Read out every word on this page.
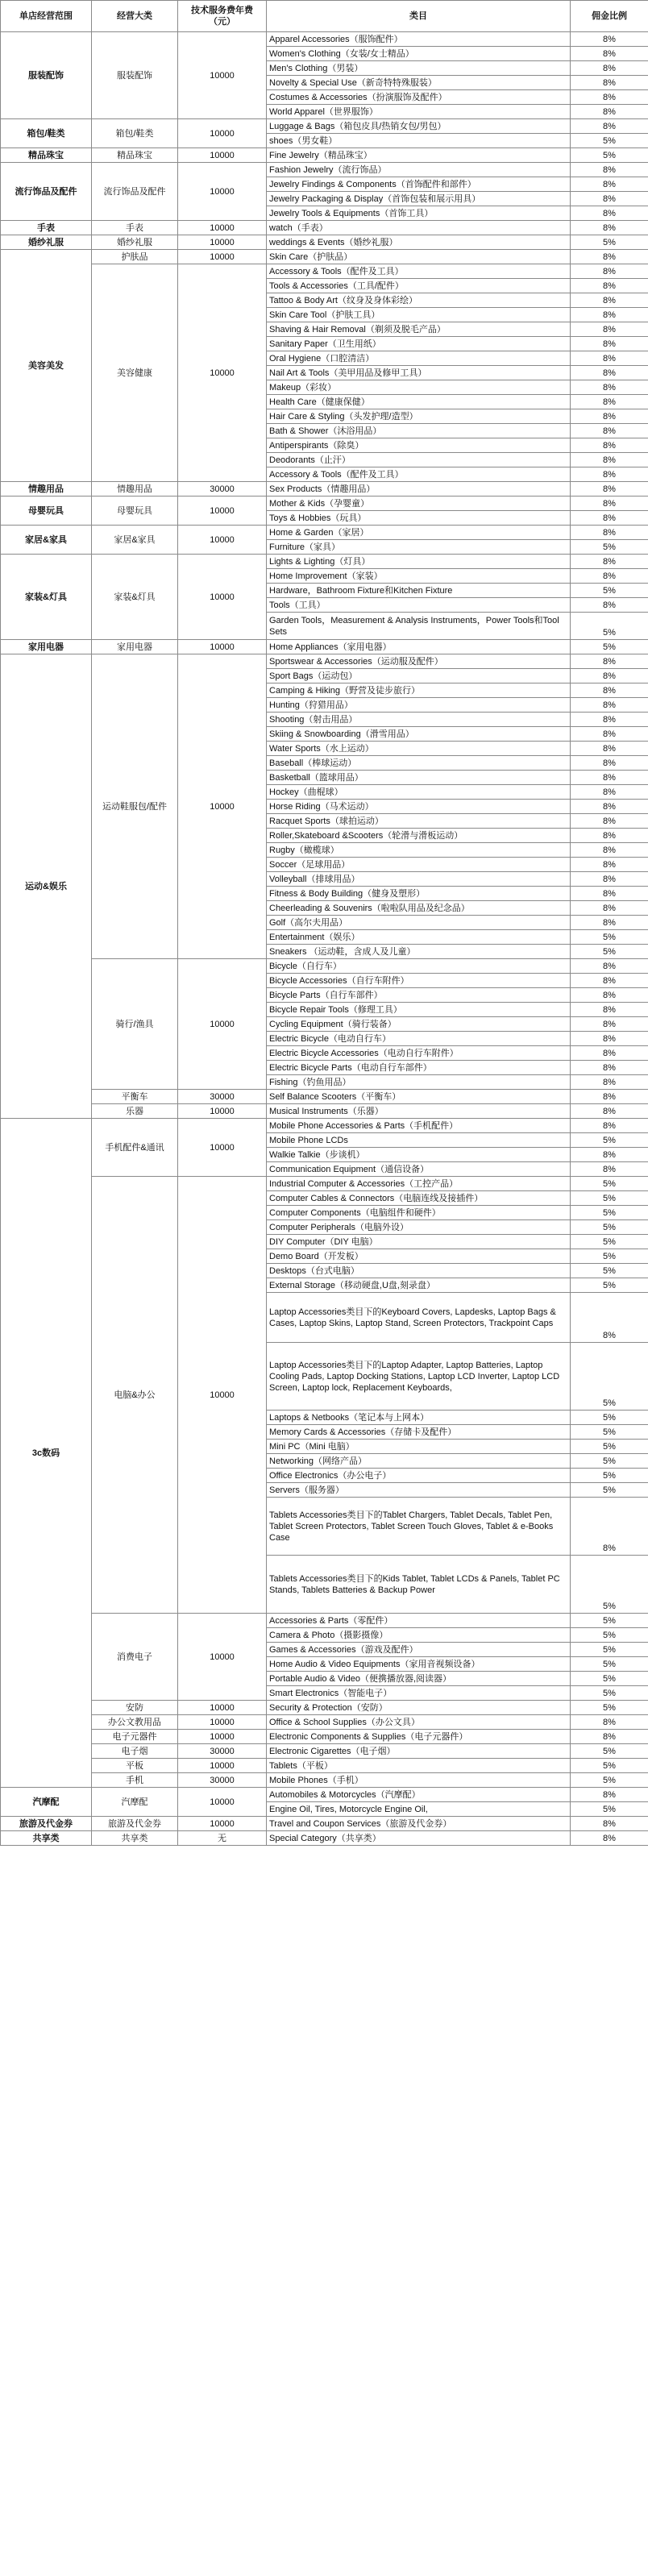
单店经营范围	经营大类	技术服务费年费（元）	类目	佣金比例
服装配饰	服装配饰	10000	Apparel Accessories（服饰配件）	8%
			Women's Clothing（女装/女士精品）	8%
			Men's Clothing（男装）	8%
			Novelty & Special Use（新奇特特殊服装）	8%
			Costumes & Accessories（扮演服饰及配件）	8%
			World Apparel（世界服饰）	8%
箱包/鞋类	箱包/鞋类	10000	Luggage & Bags（箱包皮具/热销女包/男包）	8%
			shoes（男女鞋）	5%
精品珠宝	精品珠宝	10000	Fine Jewelry（精品珠宝）	5%
流行饰品及配件	流行饰品及配件	10000	Fashion Jewelry（流行饰品）	8%
			Jewelry Findings & Components（首饰配件和部件）	8%
			Jewelry Packaging & Display（首饰包装和展示用具）	8%
			Jewelry Tools & Equipments（首饰工具）	8%
手表	手表	10000	watch（手表）	8%
婚纱礼服	婚纱礼服	10000	weddings & Events（婚纱礼服）	5%
美容美发	护肤品	10000	Skin Care（护肤品）	8%
	美容健康	10000	Accessory & Tools（配件及工具）	8%
			Tools & Accessories（工具/配件）	8%
			Tattoo & Body Art（纹身及身体彩绘）	8%
			Skin Care Tool（护肤工具）	8%
			Shaving & Hair Removal（剃须及脱毛产品）	8%
			Sanitary Paper（卫生用纸）	8%
			Oral Hygiene（口腔清洁）	8%
			Nail Art & Tools（美甲用品及修甲工具）	8%
			Makeup（彩妆）	8%
			Health Care（健康保健）	8%
			Hair Care & Styling（头发护理/造型）	8%
			Bath & Shower（沐浴用品）	8%
			Antiperspirants（除臭）	8%
			Deodorants（止汗）	8%
			Accessory & Tools（配件及工具）	8%
情趣用品	情趣用品	30000	Sex Products（情趣用品）	8%
母婴玩具	母婴玩具	10000	Mother & Kids（孕婴童）	8%
			Toys & Hobbies（玩具）	8%
家居&家具	家居&家具	10000	Home & Garden（家居）	8%
			Furniture（家具）	5%
家装&灯具	家装&灯具	10000	Lights & Lighting（灯具）	8%
			Home Improvement（家装）	8%
			Hardware，Bathroom Fixture和Kitchen Fixture	5%
			Tools（工具）	8%
			Garden Tools，Measurement & Analysis Instruments，Power Tools和Tool Sets	5%
家用电器	家用电器	10000	Home Appliances（家用电器）	5%
运动&娱乐	运动鞋服包/配件	10000	Sportswear & Accessories（运动服及配件）	8%
			Sport Bags（运动包）	8%
			Camping & Hiking（野营及徒步旅行）	8%
			Hunting（狩猎用品）	8%
			Shooting（射击用品）	8%
			Skiing & Snowboarding（滑雪用品）	8%
			Water Sports（水上运动）	8%
			Baseball（棒球运动）	8%
			Basketball（篮球用品）	8%
			Hockey（曲棍球）	8%
			Horse Riding（马术运动）	8%
			Racquet Sports（球拍运动）	8%
			Roller,Skateboard &Scooters（轮滑与滑板运动）	8%
			Rugby（橄榄球）	8%
			Soccer（足球用品）	8%
			Volleyball（排球用品）	8%
			Fitness & Body Building（健身及塑形）	8%
			Cheerleading & Souvenirs（啦啦队用品及纪念品）	8%
			Golf（高尔夫用品）	8%
			Entertainment（娱乐）	5%
			Sneakers （运动鞋，含成人及儿童）	5%
	骑行/渔具	10000	Bicycle（自行车）	8%
			Bicycle Accessories（自行车附件）	8%
			Bicycle Parts（自行车部件）	8%
			Bicycle Repair Tools（修理工具）	8%
			Cycling Equipment（骑行装备）	8%
			Electric Bicycle（电动自行车）	8%
			Electric Bicycle Accessories（电动自行车附件）	8%
			Electric Bicycle Parts（电动自行车部件）	8%
			Fishing（钓鱼用品）	8%
	平衡车	30000	Self Balance Scooters（平衡车）	8%
	乐器	10000	Musical Instruments（乐器）	8%
3c数码	手机配件&通讯	10000	Mobile Phone Accessories & Parts（手机配件）	8%
			Mobile Phone LCDs	5%
			Walkie Talkie（步谈机）	8%
			Communication Equipment（通信设备）	8%
	电脑&办公	10000	Industrial Computer & Accessories（工控产品）	5%
			Computer Cables & Connectors（电脑连线及接插件）	5%
			Computer Components（电脑组件和硬件）	5%
			Computer Peripherals（电脑外设）	5%
			DIY Computer（DIY 电脑）	5%
			Demo Board（开发板）	5%
			Desktops（台式电脑）	5%
			External Storage（移动硬盘,U盘,刻录盘）	5%
			Laptop Accessories类目下的Keyboard Covers, Lapdesks, Laptop Bags & Cases, Laptop Skins, Laptop Stand, Screen Protectors, Trackpoint Caps	8%
			Laptop Accessories类目下的Laptop Adapter, Laptop Batteries, Laptop Cooling Pads, Laptop Docking Stations, Laptop LCD Inverter, Laptop LCD Screen, Laptop lock, Replacement Keyboards,	5%
			Laptops & Netbooks（笔记本与上网本）	5%
			Memory Cards & Accessories（存储卡及配件）	5%
			Mini PC（Mini 电脑）	5%
			Networking（网络产品）	5%
			Office Electronics（办公电子）	5%
			Servers（服务器）	5%
			Tablets Accessories类目下的Tablet Chargers, Tablet Decals, Tablet Pen, Tablet Screen Protectors, Tablet Screen Touch Gloves, Tablet & e-Books Case	8%
			Tablets Accessories类目下的Kids Tablet, Tablet LCDs & Panels, Tablet PC Stands, Tablets Batteries & Backup Power	5%
	消费电子	10000	Accessories & Parts（零配件）	5%
			Camera & Photo（摄影摄像）	5%
			Games & Accessories（游戏及配件）	5%
			Home Audio & Video Equipments（家用音视频设备）	5%
			Portable Audio & Video（便携播放器,阅读器）	5%
			Smart Electronics（智能电子）	5%
	安防	10000	Security & Protection（安防）	5%
	办公文教用品	10000	Office & School Supplies（办公文具）	8%
	电子元器件	10000	Electronic Components & Supplies（电子元器件）	8%
	电子烟	30000	Electronic Cigarettes（电子烟）	5%
	平板	10000	Tablets（平板）	5%
	手机	30000	Mobile Phones（手机）	5%
汽摩配	汽摩配	10000	Automobiles & Motorcycles（汽摩配）	8%
			Engine Oil, Tires, Motorcycle Engine Oil,	5%
旅游及代金券	旅游及代金券	10000	Travel and Coupon Services（旅游及代金券）	8%
共享类	共享类	无	Special Category（共享类）	8%
